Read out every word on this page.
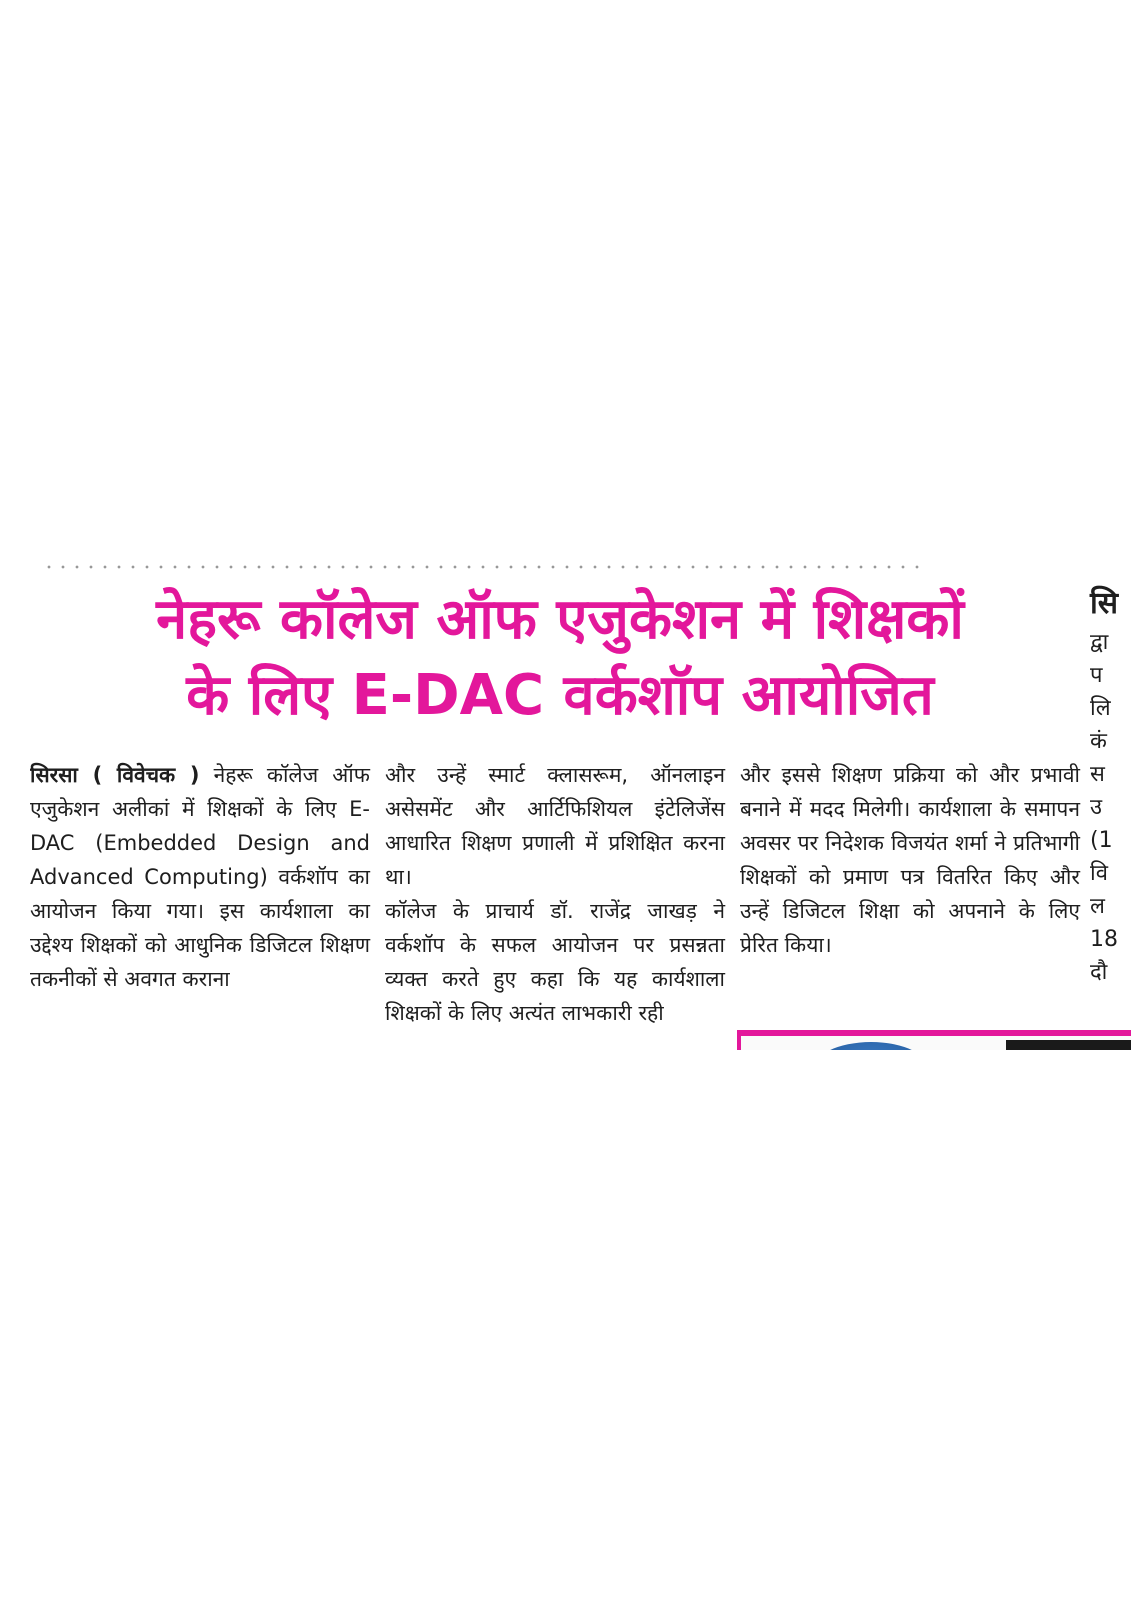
नेहरू कॉलेज ऑफ एजुकेशन में शिक्षकों
के लिए E-DAC वर्कशॉप आयोजित

सिरसा ( विवेचक ) नेहरू कॉलेज ऑफ एजुकेशन अलीकां में शिक्षकों के लिए E-DAC (Embedded Design and Advanced Computing) वर्कशॉप का आयोजन किया गया। इस कार्यशाला का उद्देश्य शिक्षकों को आधुनिक डिजिटल शिक्षण तकनीकों से अवगत कराना

और उन्हें स्मार्ट क्लासरूम, ऑनलाइन असेसमेंट और आर्टिफिशियल इंटेलिजेंस आधारित शिक्षण प्रणाली में प्रशिक्षित करना था।

कॉलेज के प्राचार्य डॉ. राजेंद्र जाखड़ ने वर्कशॉप के सफल आयोजन पर प्रसन्नता व्यक्त करते हुए कहा कि यह कार्यशाला शिक्षकों के लिए अत्यंत लाभकारी रही

और इससे शिक्षण प्रक्रिया को और प्रभावी बनाने में मदद मिलेगी। कार्यशाला के समापन अवसर पर निदेशक विजयंत शर्मा ने प्रतिभागी शिक्षकों को प्रमाण पत्र वितरित किए और उन्हें डिजिटल शिक्षा को अपनाने के लिए प्रेरित किया।

सि
द्वा
प
लि
कं
स
उ
(1
वि
ल
18
दौ
